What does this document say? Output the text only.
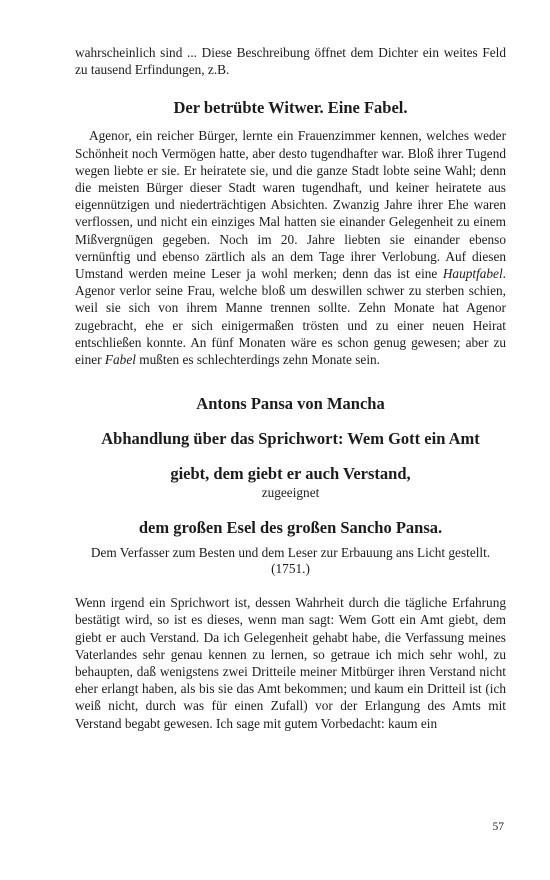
wahrscheinlich sind ... Diese Beschreibung öffnet dem Dichter ein weites Feld zu tausend Erfindungen, z.B.

Der betrübte Witwer. Eine Fabel.

Agenor, ein reicher Bürger, lernte ein Frauenzimmer kennen, welches weder Schönheit noch Vermögen hatte, aber desto tugendhafter war. Bloß ihrer Tugend wegen liebte er sie. Er heiratete sie, und die ganze Stadt lobte seine Wahl; denn die meisten Bürger dieser Stadt waren tugendhaft, und keiner heiratete aus eigennützigen und niederträchtigen Absichten. Zwanzig Jahre ihrer Ehe waren verflossen, und nicht ein einziges Mal hatten sie einander Gelegenheit zu einem Mißvergnügen gegeben. Noch im 20. Jahre liebten sie einander ebenso vernünftig und ebenso zärtlich als an dem Tage ihrer Verlobung. Auf diesen Umstand werden meine Leser ja wohl merken; denn das ist eine Hauptfabel. Agenor verlor seine Frau, welche bloß um deswillen schwer zu sterben schien, weil sie sich von ihrem Manne trennen sollte. Zehn Monate hat Agenor zugebracht, ehe er sich einigermaßen trösten und zu einer neuen Heirat entschließen konnte. An fünf Monaten wäre es schon genug gewesen; aber zu einer Fabel mußten es schlechterdings zehn Monate sein.

Antons Pansa von Mancha
Abhandlung über das Sprichwort: Wem Gott ein Amt
giebt, dem giebt er auch Verstand,
zugeeignet
dem großen Esel des großen Sancho Pansa.
Dem Verfasser zum Besten und dem Leser zur Erbauung ans Licht gestellt.
(1751.)

Wenn irgend ein Sprichwort ist, dessen Wahrheit durch die tägliche Erfahrung bestätigt wird, so ist es dieses, wenn man sagt: Wem Gott ein Amt giebt, dem giebt er auch Verstand. Da ich Gelegenheit gehabt habe, die Verfassung meines Vaterlandes sehr genau kennen zu lernen, so getraue ich mich sehr wohl, zu behaupten, daß wenigstens zwei Dritteile meiner Mitbürger ihren Verstand nicht eher erlangt haben, als bis sie das Amt bekommen; und kaum ein Dritteil ist (ich weiß nicht, durch was für einen Zufall) vor der Erlangung des Amts mit Verstand begabt gewesen. Ich sage mit gutem Vorbedacht: kaum ein

57
